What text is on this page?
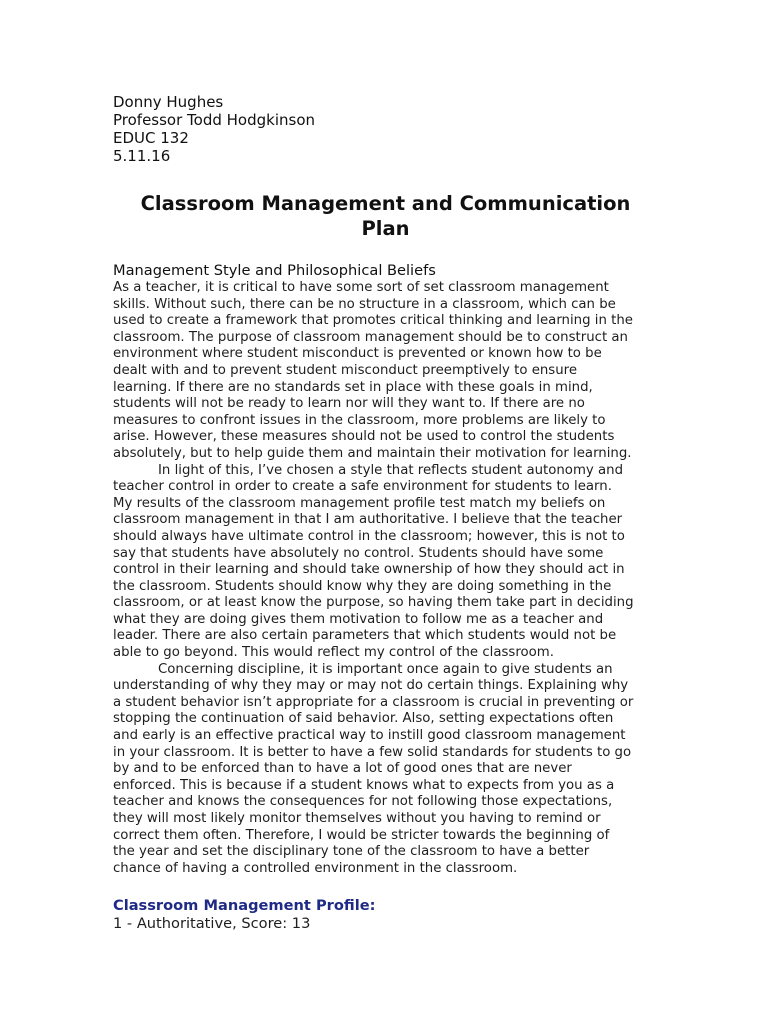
Donny Hughes
Professor Todd Hodgkinson
EDUC 132
5.11.16
Classroom Management and Communication
Plan
Management Style and Philosophical Beliefs
As a teacher, it is critical to have some sort of set classroom management
skills. Without such, there can be no structure in a classroom, which can be
used to create a framework that promotes critical thinking and learning in the
classroom. The purpose of classroom management should be to construct an
environment where student misconduct is prevented or known how to be
dealt with and to prevent student misconduct preemptively to ensure
learning. If there are no standards set in place with these goals in mind,
students will not be ready to learn nor will they want to. If there are no
measures to confront issues in the classroom, more problems are likely to
arise. However, these measures should not be used to control the students
absolutely, but to help guide them and maintain their motivation for learning.
In light of this, I’ve chosen a style that reflects student autonomy and
teacher control in order to create a safe environment for students to learn.
My results of the classroom management profile test match my beliefs on
classroom management in that I am authoritative. I believe that the teacher
should always have ultimate control in the classroom; however, this is not to
say that students have absolutely no control. Students should have some
control in their learning and should take ownership of how they should act in
the classroom. Students should know why they are doing something in the
classroom, or at least know the purpose, so having them take part in deciding
what they are doing gives them motivation to follow me as a teacher and
leader. There are also certain parameters that which students would not be
able to go beyond. This would reflect my control of the classroom.
Concerning discipline, it is important once again to give students an
understanding of why they may or may not do certain things. Explaining why
a student behavior isn’t appropriate for a classroom is crucial in preventing or
stopping the continuation of said behavior. Also, setting expectations often
and early is an effective practical way to instill good classroom management
in your classroom. It is better to have a few solid standards for students to go
by and to be enforced than to have a lot of good ones that are never
enforced. This is because if a student knows what to expects from you as a
teacher and knows the consequences for not following those expectations,
they will most likely monitor themselves without you having to remind or
correct them often. Therefore, I would be stricter towards the beginning of
the year and set the disciplinary tone of the classroom to have a better
chance of having a controlled environment in the classroom.
Classroom Management Profile:
1 - Authoritative, Score: 13
